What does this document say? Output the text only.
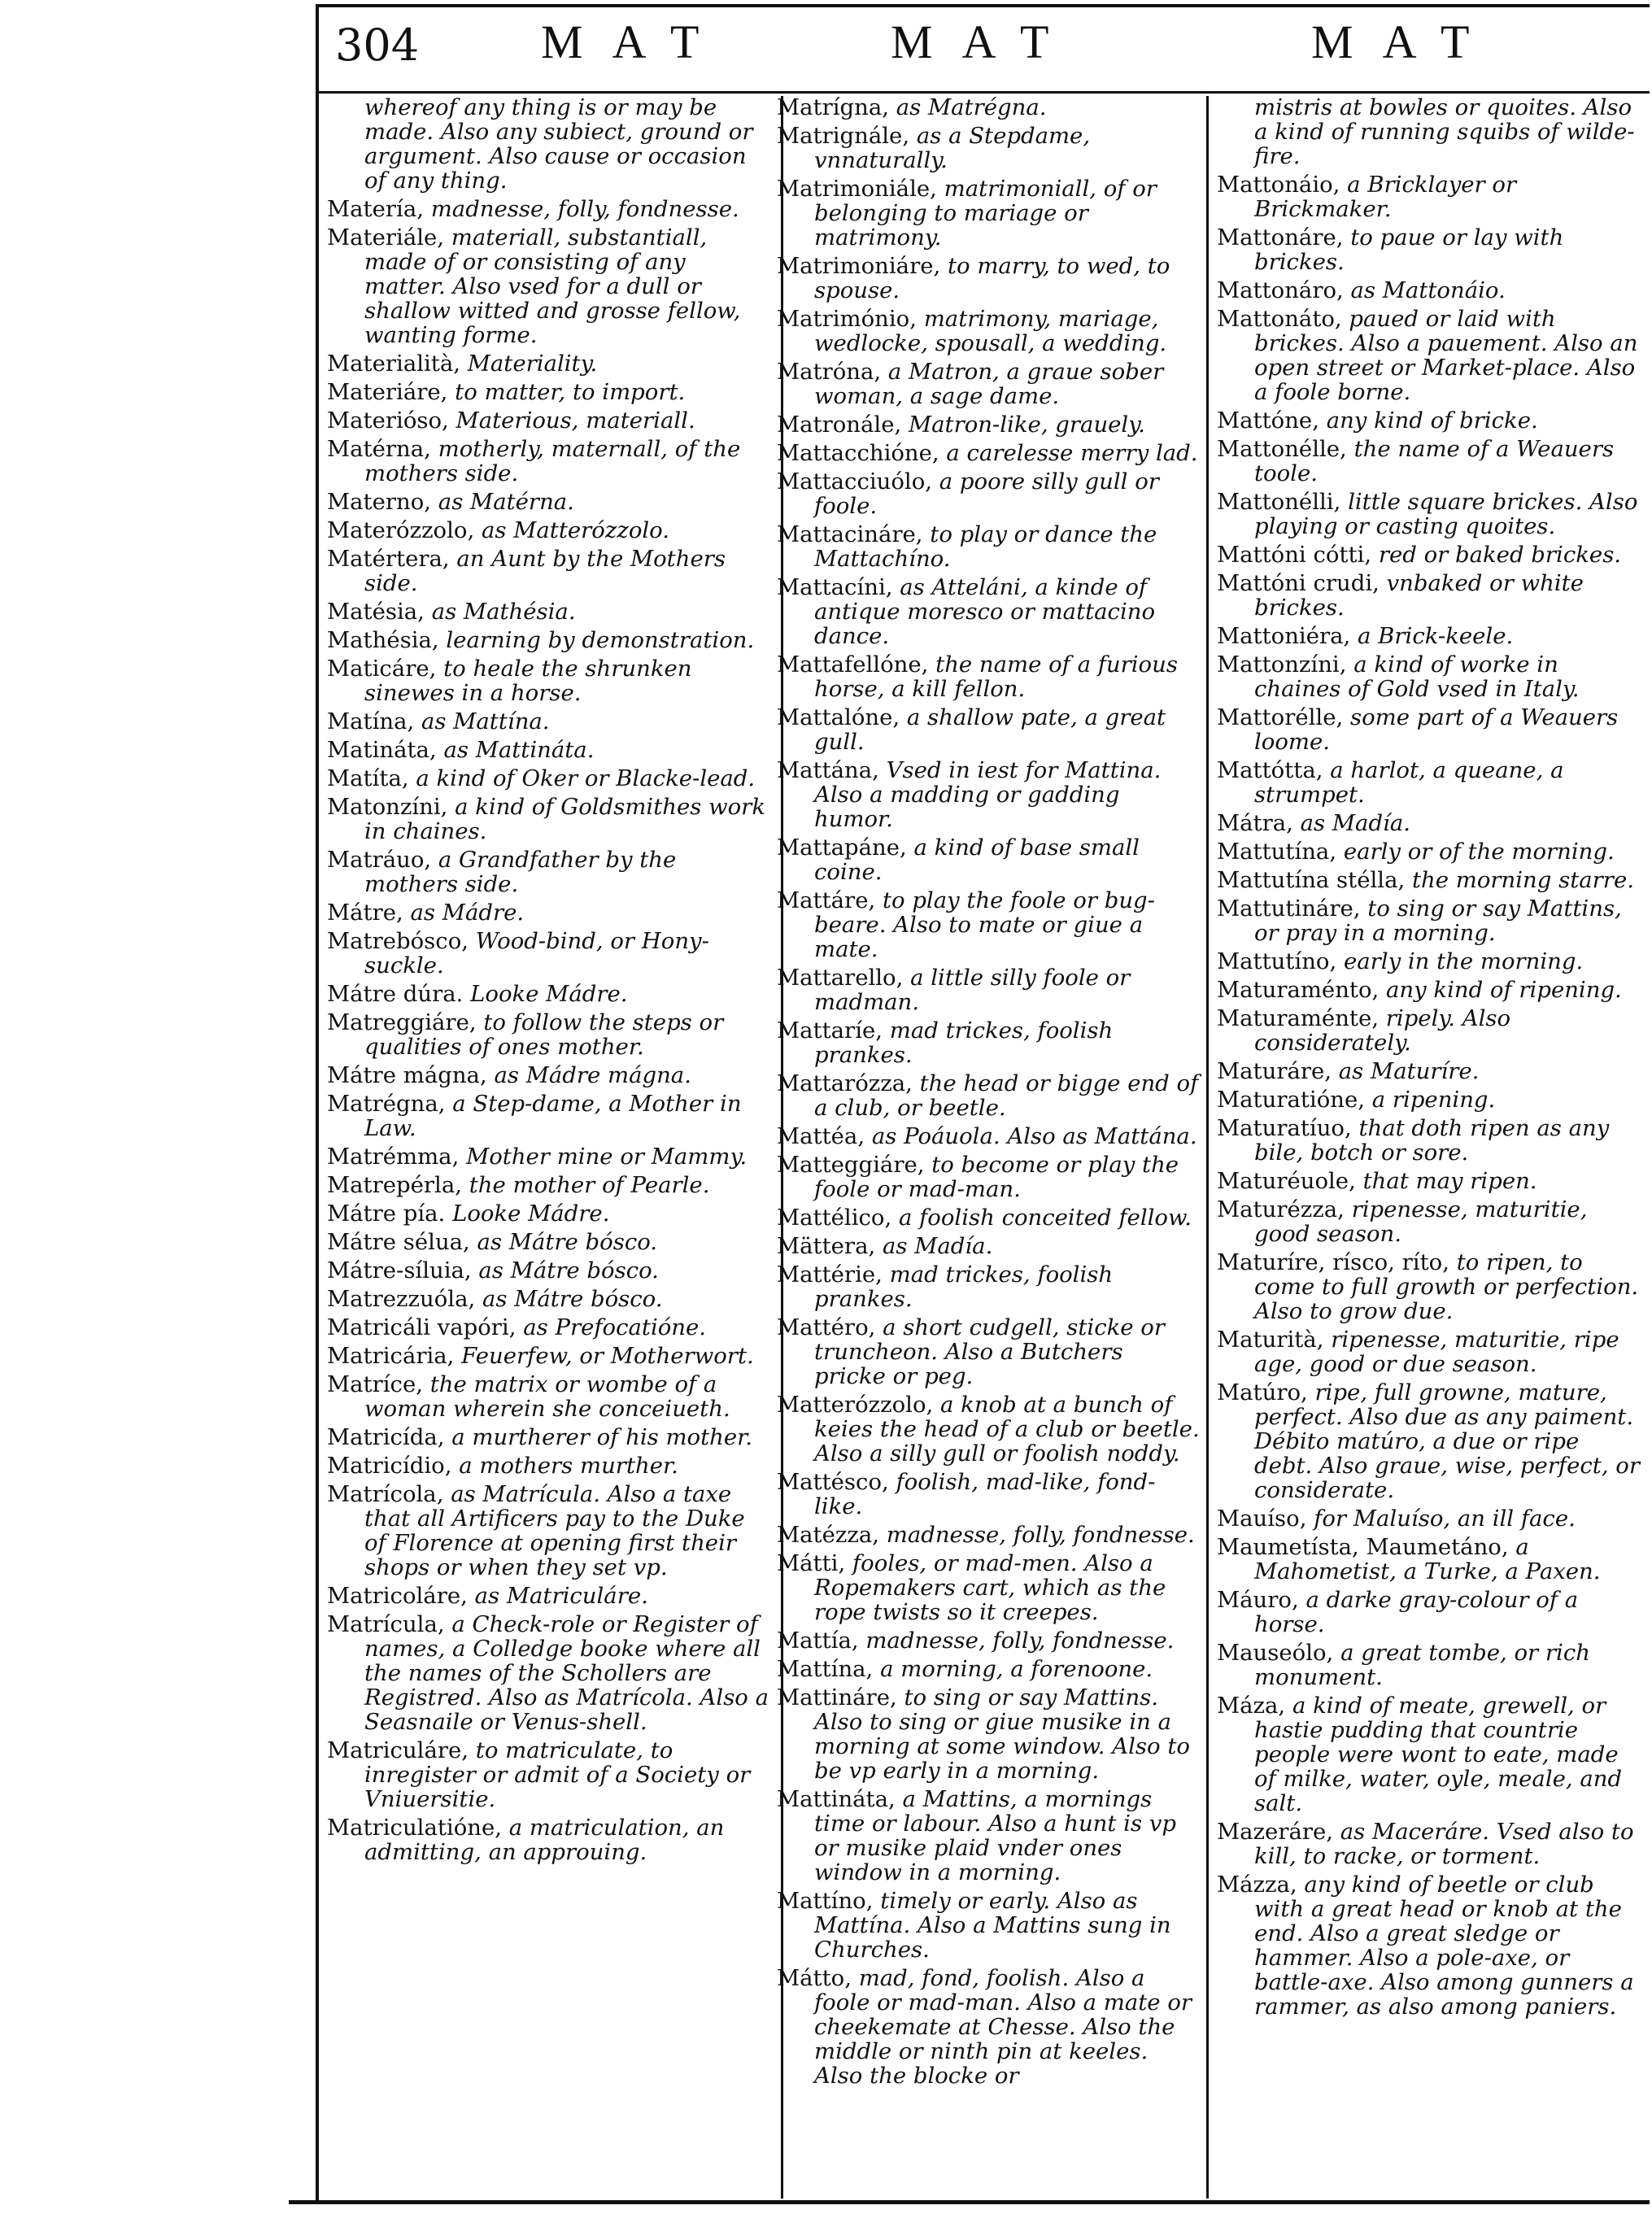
304	MAT	MAT	MAT
whereof any thing is or may be made. Also any subiect, ground or argument. Also cause or occasion of any thing.
Matería, madnesse, folly, fondnesse.
Materiále, materiall, substantiall, made of or consisting of any matter. Also vsed for a dull or shallow witted and grosse fellow, wanting forme.
Materialità, Materiality.
Materiáre, to matter, to import.
Materióso, Materious, materiall.
Matérna, motherly, maternall, of the mothers side.
Materno, as Matérna.
Materózzolo, as Matterózzolo.
Matértera, an Aunt by the Mothers side.
Matésia, as Mathésia.
Mathésia, learning by demonstration.
Maticáre, to heale the shrunken sinewes in a horse.
Matína, as Mattína.
Matináta, as Mattináta.
Matíta, a kind of Oker or Blacke-lead.
Matonzíni, a kind of Goldsmithes work in chaines.
Matráuo, a Grandfather by the mothers side.
Mátre, as Mádre.
Matrebósco, Wood-bind, or Hony-suckle.
Mátre dúra. Looke Mádre.
Matreggiáre, to follow the steps or qualities of ones mother.
Mátre mágna, as Mádre mágna.
Matrégna, a Step-dame, a Mother in Law.
Matrémma, Mother mine or Mammy.
Matrepérla, the mother of Pearle.
Mátre pía. Looke Mádre.
Mátre sélua, as Mátre bósco.
Mátre-síluia, as Mátre bósco.
Matrezzuóla, as Mátre bósco.
Matricáli vapóri, as Prefocatióne.
Matricária, Feuerfew, or Motherwort.
Matríce, the matrix or wombe of a woman wherein she conceiueth.
Matricída, a murtherer of his mother.
Matricídio, a mothers murther.
Matrícola, as Matrícula. Also a taxe that all Artificers pay to the Duke of Florence at opening first their shops or when they set vp.
Matricoláre, as Matriculáre.
Matrícula, a Check-role or Register of names, a Colledge booke where all the names of the Schollers are Registred. Also as Matrícola. Also a Seasnaile or Venus-shell.
Matriculáre, to matriculate, to inregister or admit of a Society or Vniuersitie.
Matriculatióne, a matriculation, an admitting, an approuing.
Matrígna, as Matrégna.
Matrignále, as a Stepdame, vnnaturally.
Matrimoniále, matrimoniall, of or belonging to mariage or matrimony.
Matrimoniáre, to marry, to wed, to spouse.
Matrimónio, matrimony, mariage, wedlocke, spousall, a wedding.
Matróna, a Matron, a graue sober woman, a sage dame.
Matronále, Matron-like, grauely.
Mattacchióne, a carelesse merry lad.
Mattacciuólo, a poore silly gull or foole.
Mattacináre, to play or dance the Mattachíno.
Mattacíni, as Atteláni, a kinde of antique moresco or mattacino dance.
Mattafellóne, the name of a furious horse, a kill fellon.
Mattalóne, a shallow pate, a great gull.
Mattána, Vsed in iest for Mattina. Also a madding or gadding humor.
Mattapáne, a kind of base small coine.
Mattáre, to play the foole or bug-beare. Also to mate or giue a mate.
Mattarello, a little silly foole or madman.
Mattaríe, mad trickes, foolish prankes.
Mattarózza, the head or bigge end of a club, or beetle.
Mattéa, as Poáuola. Also as Mattána.
Matteggiáre, to become or play the foole or mad-man.
Mattélico, a foolish conceited fellow.
Mättera, as Madía.
Mattérie, mad trickes, foolish prankes.
Mattéro, a short cudgell, sticke or truncheon. Also a Butchers pricke or peg.
Matterózzolo, a knob at a bunch of keies the head of a club or beetle. Also a silly gull or foolish noddy.
Mattésco, foolish, mad-like, fond-like.
Matézza, madnesse, folly, fondnesse.
Mátti, fooles, or mad-men. Also a Ropemakers cart, which as the rope twists so it creepes.
Mattía, madnesse, folly, fondnesse.
Mattína, a morning, a forenoone.
Mattináre, to sing or say Mattins. Also to sing or giue musike in a morning at some window. Also to be vp early in a morning.
Mattináta, a Mattins, a mornings time or labour. Also a hunt is vp or musike plaid vnder ones window in a morning.
Mattíno, timely or early. Also as Mattína. Also a Mattins sung in Churches.
Mátto, mad, fond, foolish. Also a foole or mad-man. Also a mate or cheekemate at Chesse. Also the middle or ninth pin at keeles. Also the blocke or
mistris at bowles or quoites. Also a kind of running squibs of wilde-fire.
Mattonáio, a Bricklayer or Brickmaker.
Mattonáre, to paue or lay with brickes.
Mattonáro, as Mattonáio.
Mattonáto, paued or laid with brickes. Also a pauement. Also an open street or Market-place. Also a foole borne.
Mattóne, any kind of bricke.
Mattonélle, the name of a Weauers toole.
Mattonélli, little square brickes. Also playing or casting quoites.
Mattóni cótti, red or baked brickes.
Mattóni crudi, vnbaked or white brickes.
Mattoniéra, a Brick-keele.
Mattonzíni, a kind of worke in chaines of Gold vsed in Italy.
Mattorélle, some part of a Weauers loome.
Mattótta, a harlot, a queane, a strumpet.
Mátra, as Madía.
Mattutína, early or of the morning.
Mattutína stélla, the morning starre.
Mattutináre, to sing or say Mattins, or pray in a morning.
Mattutíno, early in the morning.
Maturaménto, any kind of ripening.
Maturaménte, ripely. Also considerately.
Maturáre, as Maturíre.
Maturatióne, a ripening.
Maturatíuo, that doth ripen as any bile, botch or sore.
Maturéuole, that may ripen.
Maturézza, ripenesse, maturitie, good season.
Maturíre, rísco, ríto, to ripen, to come to full growth or perfection. Also to grow due.
Maturità, ripenesse, maturitie, ripe age, good or due season.
Matúro, ripe, full growne, mature, perfect. Also due as any paiment. Débito matúro, a due or ripe debt. Also graue, wise, perfect, or considerate.
Mauíso, for Maluíso, an ill face.
Maumetísta, Maumetáno, a Mahometist, a Turke, a Paxen.
Máuro, a darke gray-colour of a horse.
Mauseólo, a great tombe, or rich monument.
Máza, a kind of meate, grewell, or hastie pudding that countrie people were wont to eate, made of milke, water, oyle, meale, and salt.
Mazeráre, as Maceráre. Vsed also to kill, to racke, or torment.
Mázza, any kind of beetle or club with a great head or knob at the end. Also a great sledge or hammer. Also a pole-axe, or battle-axe. Also among gunners a rammer, as also among paniers.
